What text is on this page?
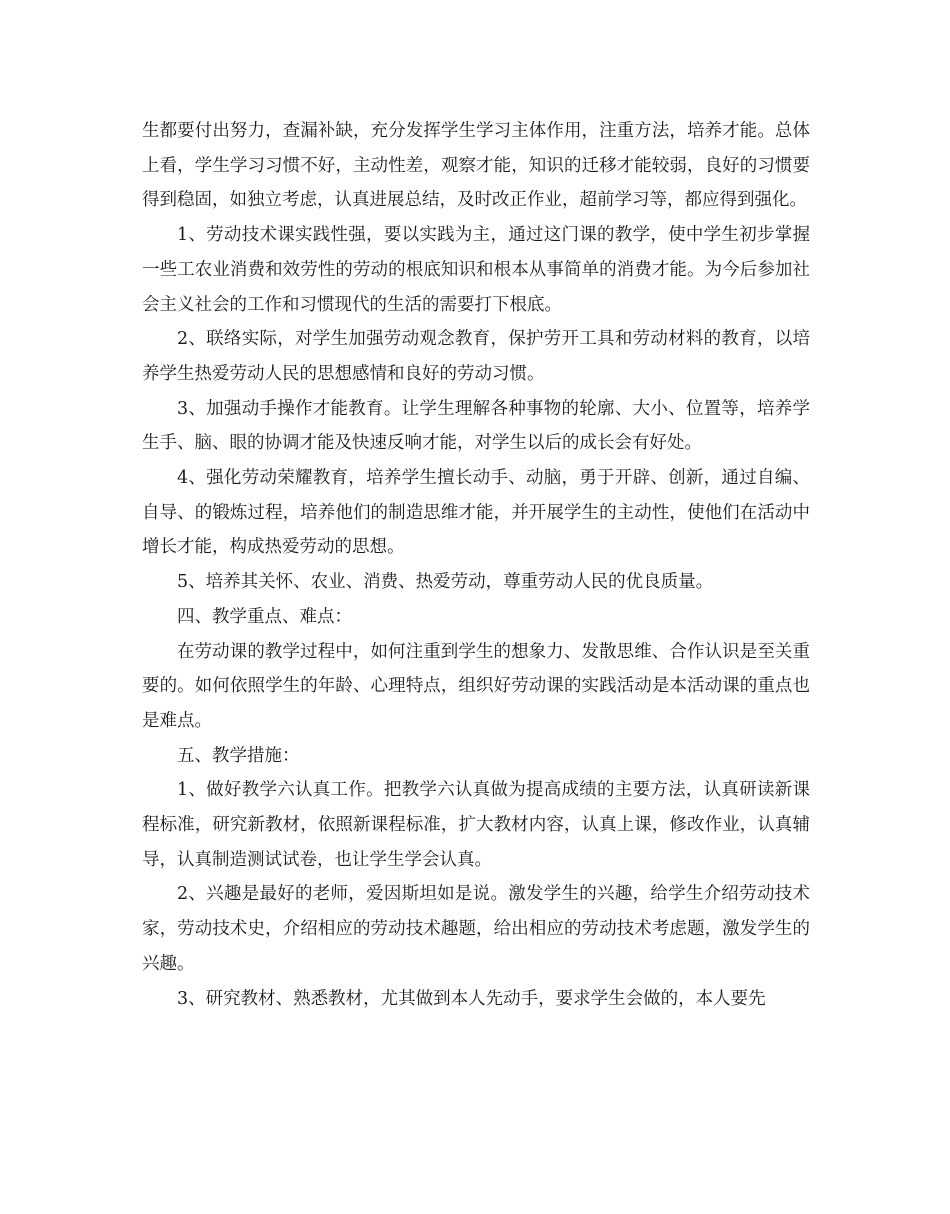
生都要付出努力，查漏补缺，充分发挥学生学习主体作用，注重方法，培养才能。总体上看，学生学习习惯不好，主动性差，观察才能，知识的迁移才能较弱，良好的习惯要得到稳固，如独立考虑，认真进展总结，及时改正作业，超前学习等，都应得到强化。

1、劳动技术课实践性强，要以实践为主，通过这门课的教学，使中学生初步掌握一些工农业消费和效劳性的劳动的根底知识和根本从事简单的消费才能。为今后参加社会主义社会的工作和习惯现代的生活的需要打下根底。

2、联络实际，对学生加强劳动观念教育，保护劳开工具和劳动材料的教育，以培养学生热爱劳动人民的思想感情和良好的劳动习惯。

3、加强动手操作才能教育。让学生理解各种事物的轮廓、大小、位置等，培养学生手、脑、眼的协调才能及快速反响才能，对学生以后的成长会有好处。

4、强化劳动荣耀教育，培养学生擅长动手、动脑，勇于开辟、创新，通过自编、自导、的锻炼过程，培养他们的制造思维才能，并开展学生的主动性，使他们在活动中增长才能，构成热爱劳动的思想。

5、培养其关怀、农业、消费、热爱劳动，尊重劳动人民的优良质量。

四、教学重点、难点：

在劳动课的教学过程中，如何注重到学生的想象力、发散思维、合作认识是至关重要的。如何依照学生的年龄、心理特点，组织好劳动课的实践活动是本活动课的重点也是难点。

五、教学措施：

1、做好教学六认真工作。把教学六认真做为提高成绩的主要方法，认真研读新课程标准，研究新教材，依照新课程标准，扩大教材内容，认真上课，修改作业，认真辅导，认真制造测试试卷，也让学生学会认真。

2、兴趣是最好的老师，爱因斯坦如是说。激发学生的兴趣，给学生介绍劳动技术家，劳动技术史，介绍相应的劳动技术趣题，给出相应的劳动技术考虑题，激发学生的兴趣。

3、研究教材、熟悉教材，尤其做到本人先动手，要求学生会做的，本人要先
